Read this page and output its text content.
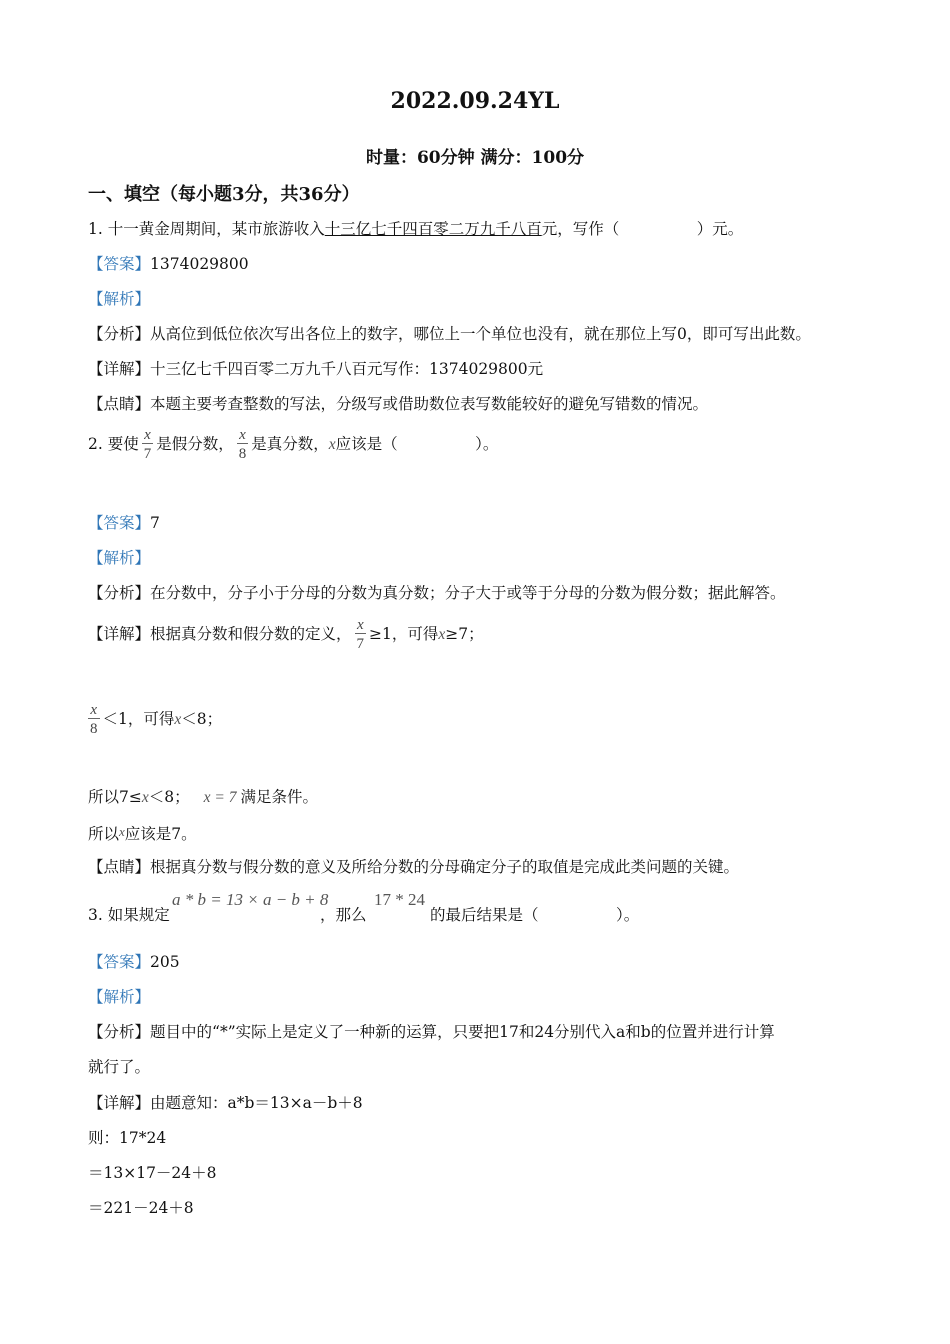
2022.09.24YL
时量：60分钟 满分：100分
一、填空（每小题3分，共36分）
1. 十一黄金周期间，某市旅游收入十三亿七千四百零二万九千八百元，写作（　　　　　）元。
【答案】1374029800
【解析】
【分析】从高位到低位依次写出各位上的数字，哪位上一个单位也没有，就在那位上写0，即可写出此数。
【详解】十三亿七千四百零二万九千八百元写作：1374029800元
【点睛】本题主要考查整数的写法，分级写或借助数位表写数能较好的避免写错数的情况。
2. 要使 $\frac{x}{7}$ 是假分数， $\frac{x}{8}$ 是真分数，x应该是（　　　　　）。
【答案】7
【解析】
【分析】在分数中，分子小于分母的分数为真分数；分子大于或等于分母的分数为假分数；据此解答。
【详解】根据真分数和假分数的定义， $\frac{x}{7} \ge 1$，可得x≥7；
$\frac{x}{8} <1$，可得x＜8；
所以7≤x＜8； x = 7 满足条件。
所以x应该是7。
【点睛】根据真分数与假分数的意义及所给分数的分母确定分子的取值是完成此类问题的关键。
3. 如果规定
a * b = 13 × a − b + 8
，那么
17 * 24
的最后结果是（　　　　　）。
【答案】205
【解析】
【分析】题目中的“*”实际上是定义了一种新的运算，只要把17和24分别代入a和b的位置并进行计算
就行了。
【详解】由题意知：a*b＝13×a－b＋8
则：17*24
＝13×17－24＋8
＝221－24＋8
